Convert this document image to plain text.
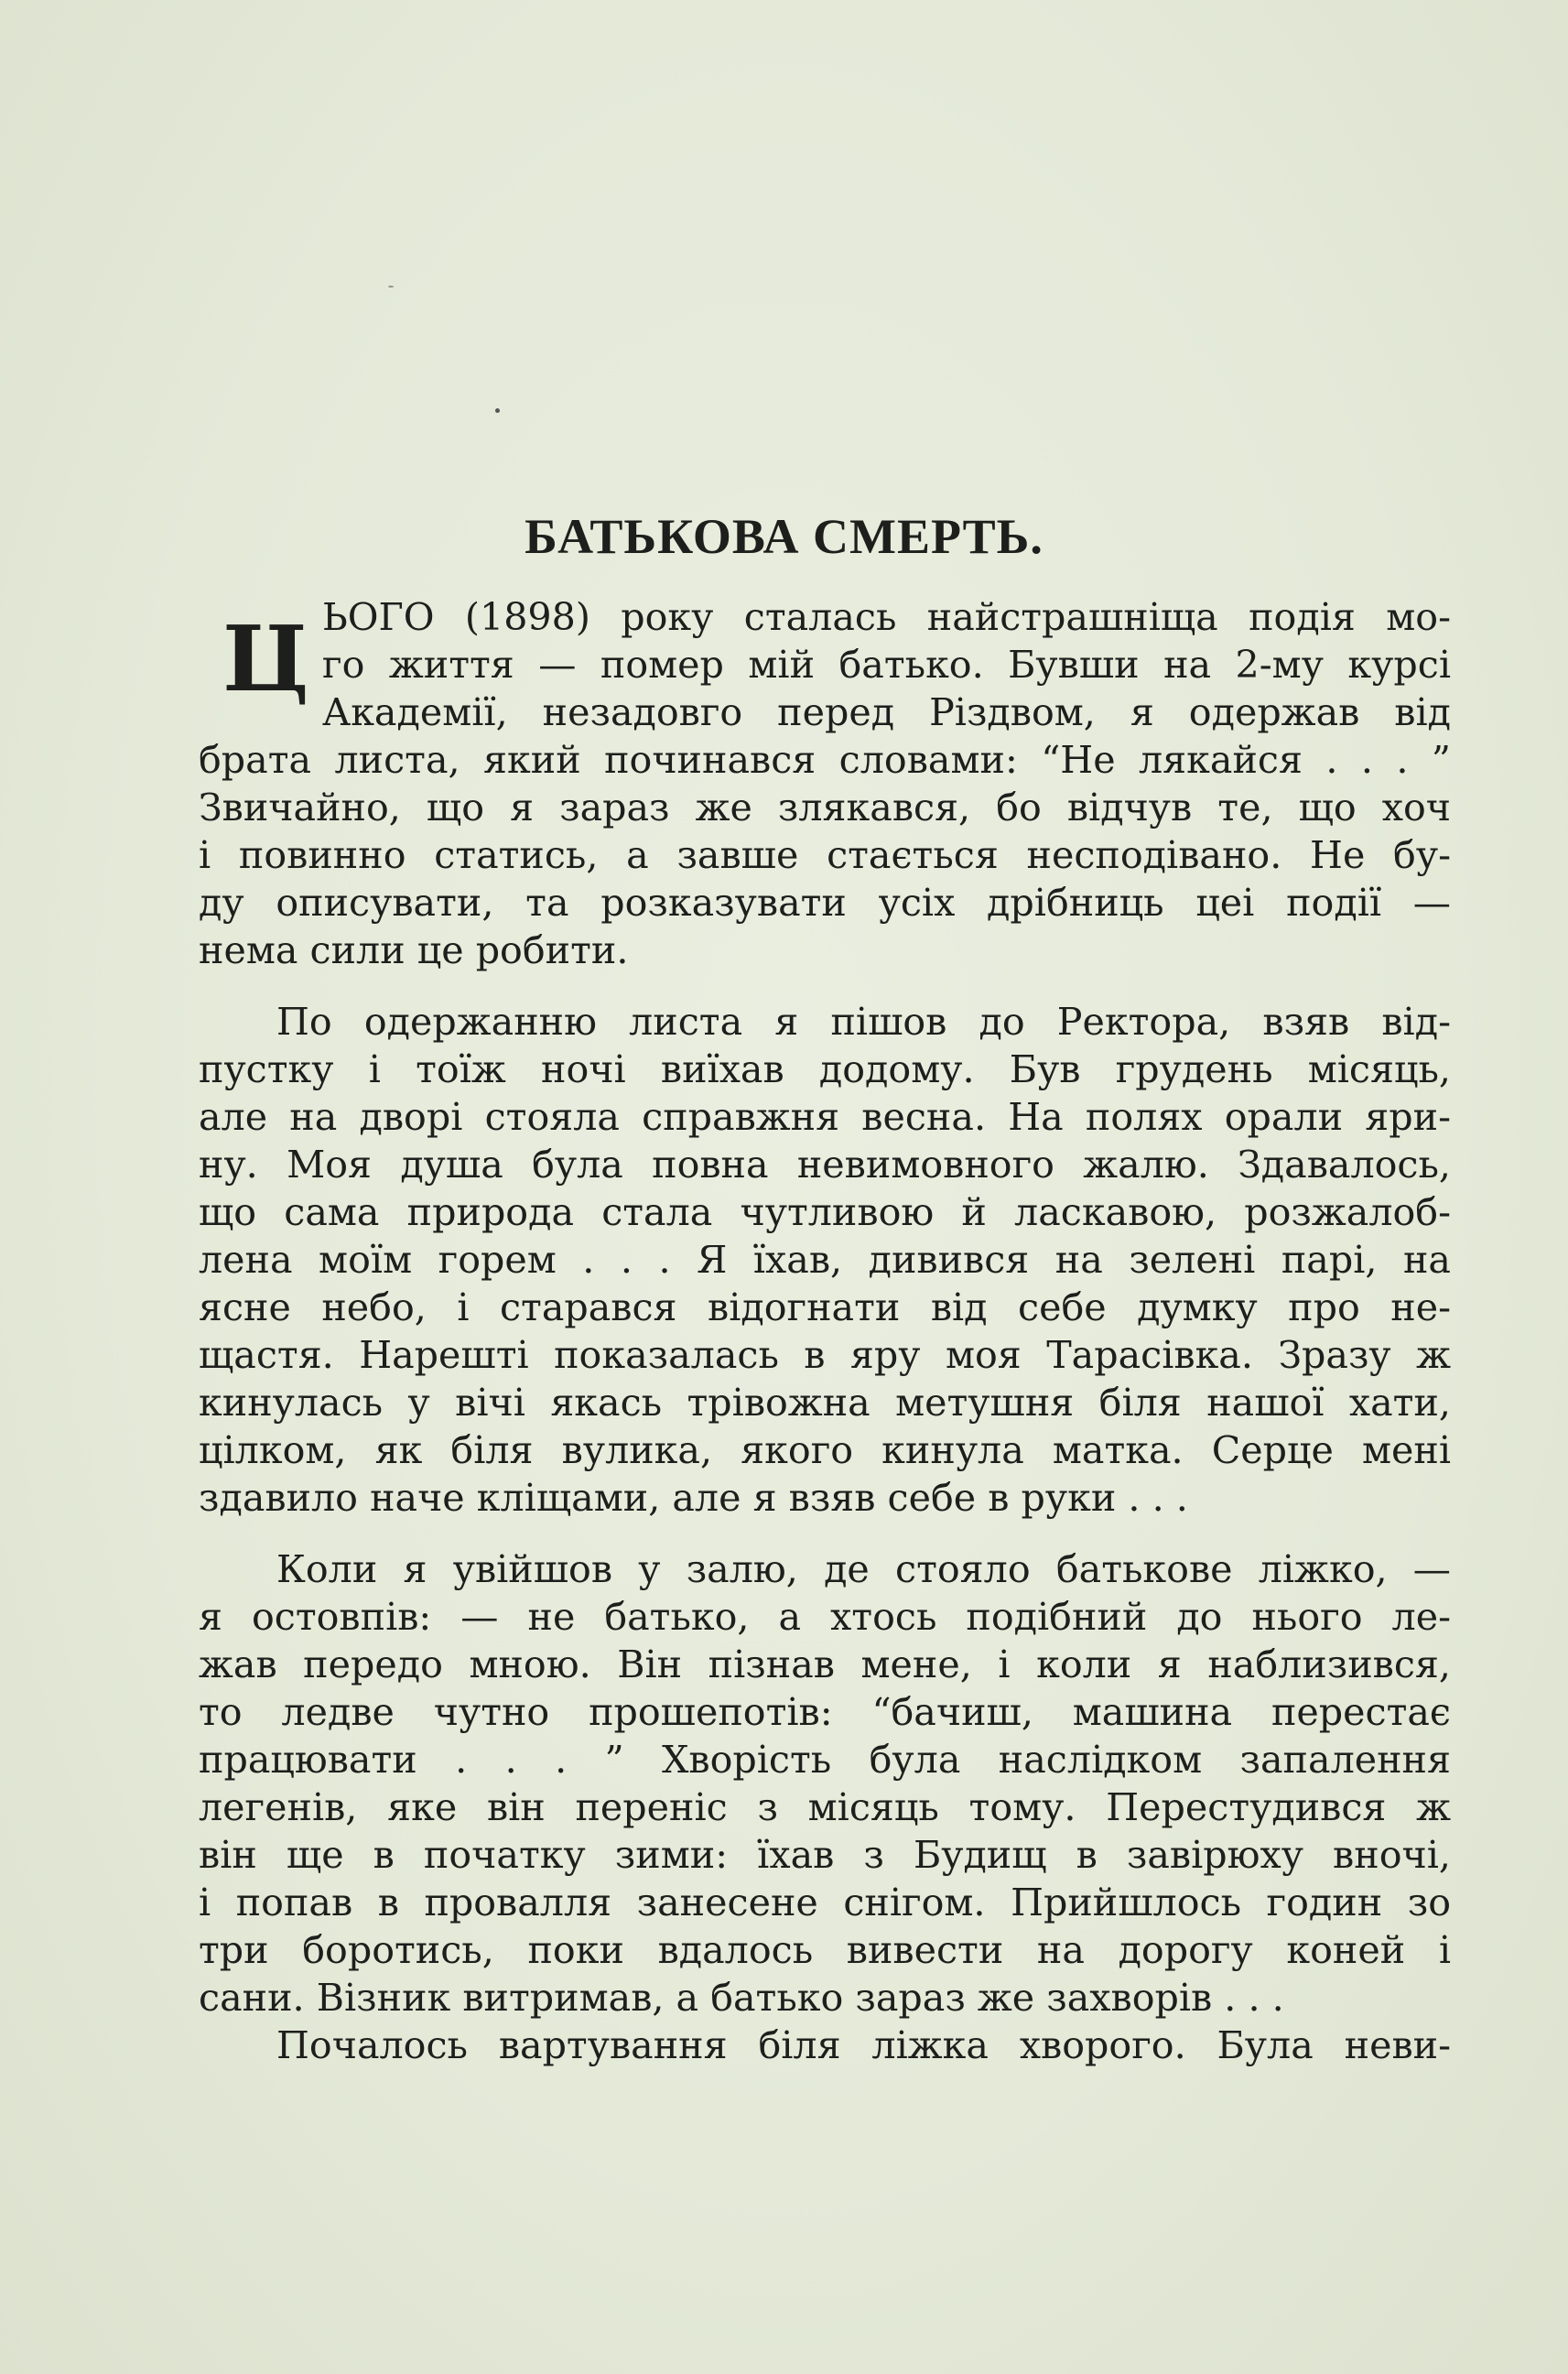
БАТЬКОВА СМЕРТЬ.
Ц ЬОГО (1898) року сталась найстрашніща подія мо-
го життя — помер мій батько. Бувши на 2-му курсі
Академії, незадовго перед Різдвом, я одержав від
брата листа, який починався словами: “Не лякайся . . . ”
Звичайно, що я зараз же злякався, бо відчув те, що хоч
і повинно статись, а завше стається несподівано. Не бу-
ду описувати, та розказувати усіх дрібниць цеі події —
нема сили це робити.
По одержанню листа я пішов до Ректора, взяв від-
пустку і тоїж ночі виїхав додому. Був грудень місяць,
але на дворі стояла справжня весна. На полях орали яри-
ну. Моя душа була повна невимовного жалю. Здавалось,
що сама природа стала чутливою й ласкавою, розжалоб-
лена моїм горем . . . Я їхав, дивився на зелені парі, на
ясне небо, і старався відогнати від себе думку про не-
щастя. Нарешті показалась в яру моя Тарасівка. Зразу ж
кинулась у вічі якась трівожна метушня біля нашої хати,
цілком, як біля вулика, якого кинула матка. Серце мені
здавило наче кліщами, але я взяв себе в руки . . .
Коли я увійшов у залю, де стояло батькове ліжко, —
я остовпів: — не батько, а хтось подібний до нього ле-
жав передо мною. Він пізнав мене, і коли я наблизився,
то ледве чутно прошепотів: “бачиш, машина перестає
працювати . . . ” Хворість була наслідком запалення
легенів, яке він переніс з місяць тому. Перестудився ж
він ще в початку зими: їхав з Будищ в завірюху вночі,
і попав в провалля занесене снігом. Прийшлось годин зо
три боротись, поки вдалось вивести на дорогу коней і
сани. Візник витримав, а батько зараз же захворів . . .
Почалось вартування біля ліжка хворого. Була неви-
